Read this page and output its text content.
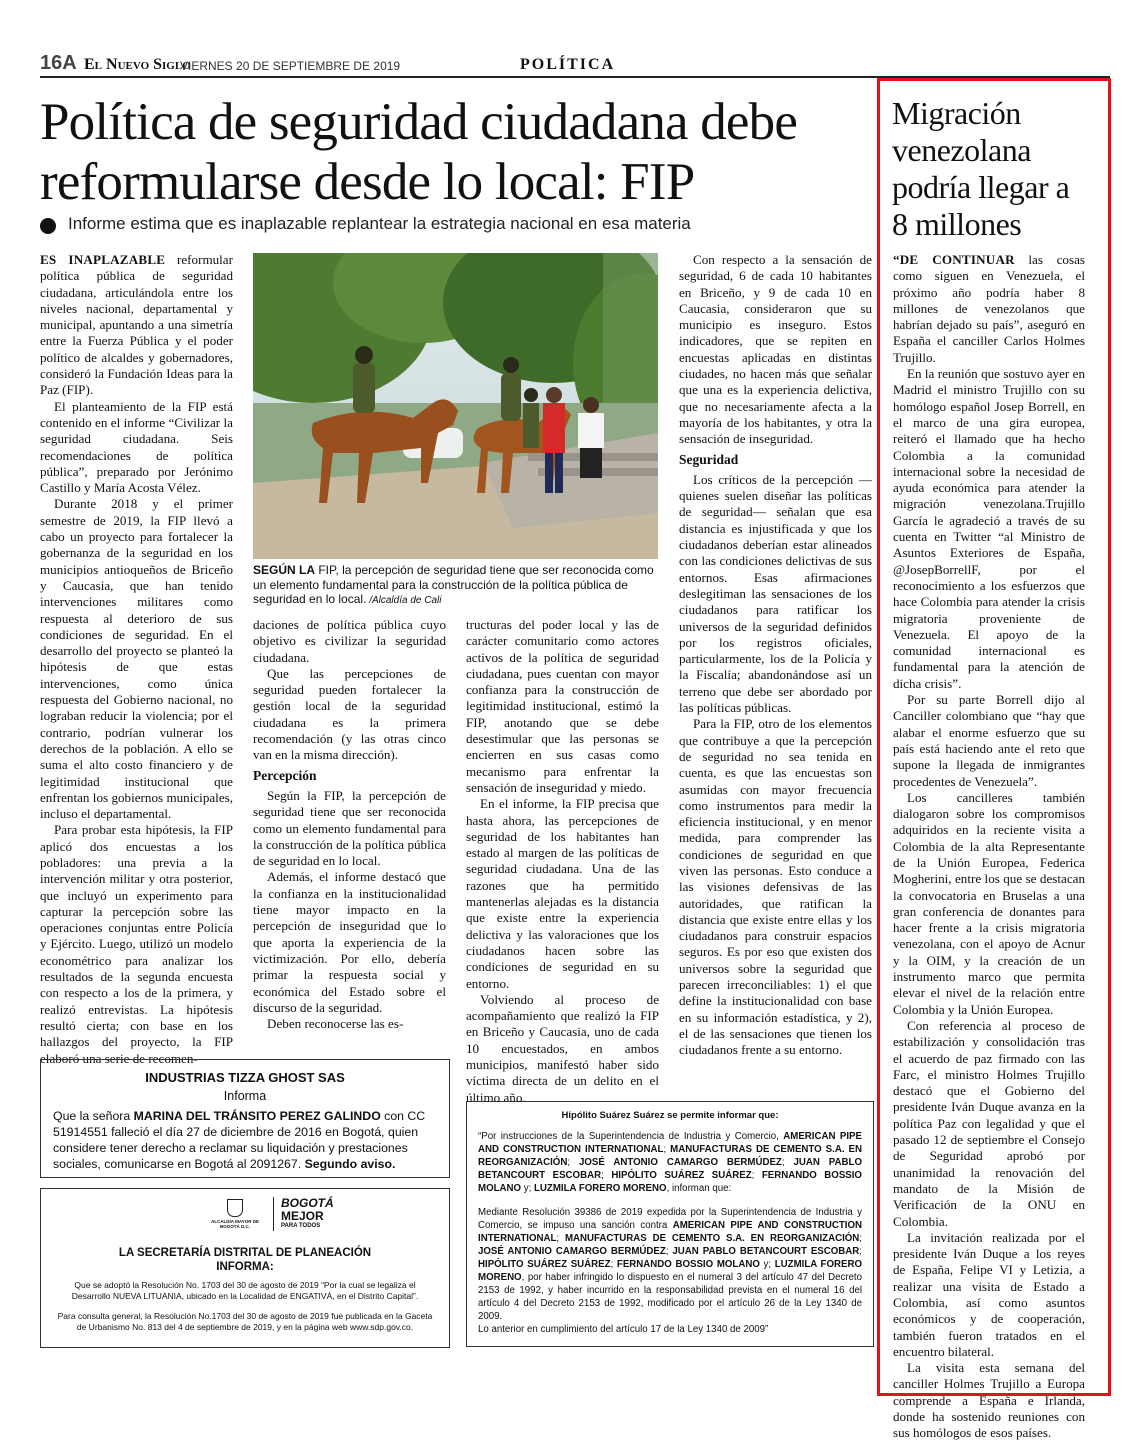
16A El Nuevo Siglo
VIERNES 20 DE SEPTIEMBRE DE 2019	POLÍTICA
Política de seguridad ciudadana debe reformularse desde lo local: FIP
Informe estima que es inaplazable replantear la estrategia nacional en esa materia

ES INAPLAZABLE reformular política pública de seguridad ciudadana, articulándola entre los niveles nacional, departamental y municipal, apuntando a una simetría entre la Fuerza Pública y el poder político de alcaldes y gobernadores, consideró la Fundación Ideas para la Paz (FIP).

El planteamiento de la FIP está contenido en el informe “Civilizar la seguridad ciudadana. Seis recomendaciones de política pública”, preparado por Jerónimo Castillo y María Acosta Vélez.

Durante 2018 y el primer semestre de 2019, la FIP llevó a cabo un proyecto para fortalecer la gobernanza de la seguridad en los municipios antioqueños de Briceño y Caucasia, que han tenido intervenciones militares como respuesta al deterioro de sus condiciones de seguridad. En el desarrollo del proyecto se planteó la hipótesis de que estas intervenciones, como única respuesta del Gobierno nacional, no lograban reducir la violencia; por el contrario, podrían vulnerar los derechos de la población. A ello se suma el alto costo financiero y de legitimidad institucional que enfrentan los gobiernos municipales, incluso el departamental.

Para probar esta hipótesis, la FIP aplicó dos encuestas a los pobladores: una previa a la intervención militar y otra posterior, que incluyó un experimento para capturar la percepción sobre las operaciones conjuntas entre Policía y Ejército. Luego, utilizó un modelo econométrico para analizar los resultados de la segunda encuesta con respecto a los de la primera, y realizó entrevistas. La hipótesis resultó cierta; con base en los hallazgos del proyecto, la FIP elaboró una serie de recomen-

SEGÚN LA FIP, la percepción de seguridad tiene que ser reconocida como un elemento fundamental para la construcción de la política pública de seguridad en lo local. /Alcaldía de Cali

daciones de política pública cuyo objetivo es civilizar la seguridad ciudadana.

Que las percepciones de seguridad pueden fortalecer la gestión local de la seguridad ciudadana es la primera recomendación (y las otras cinco van en la misma dirección).

Percepción

Según la FIP, la percepción de seguridad tiene que ser reconocida como un elemento fundamental para la construcción de la política pública de seguridad en lo local.

Además, el informe destacó que la confianza en la institucionalidad tiene mayor impacto en la percepción de inseguridad que lo que aporta la experiencia de la victimización. Por ello, debería primar la respuesta social y económica del Estado sobre el discurso de la seguridad.

Deben reconocerse las es-

tructuras del poder local y las de carácter comunitario como actores activos de la política de seguridad ciudadana, pues cuentan con mayor confianza para la construcción de legitimidad institucional, estimó la FIP, anotando que se debe desestimular que las personas se encierren en sus casas como mecanismo para enfrentar la sensación de inseguridad y miedo.

En el informe, la FIP precisa que hasta ahora, las percepciones de seguridad de los habitantes han estado al margen de las políticas de seguridad ciudadana. Una de las razones que ha permitido mantenerlas alejadas es la distancia que existe entre la experiencia delictiva y las valoraciones que los ciudadanos hacen sobre las condiciones de seguridad en su entorno.

Volviendo al proceso de acompañamiento que realizó la FIP en Briceño y Caucasia, uno de cada 10 encuestados, en ambos municipios, manifestó haber sido víctima directa de un delito en el último año.

Con respecto a la sensación de seguridad, 6 de cada 10 habitantes en Briceño, y 9 de cada 10 en Caucasia, consideraron que su municipio es inseguro. Estos indicadores, que se repiten en encuestas aplicadas en distintas ciudades, no hacen más que señalar que una es la experiencia delictiva, que no necesariamente afecta a la mayoría de los habitantes, y otra la sensación de inseguridad.

Seguridad

Los críticos de la percepción —quienes suelen diseñar las políticas de seguridad— señalan que esa distancia es injustificada y que los ciudadanos deberían estar alineados con las condiciones delictivas de sus entornos. Esas afirmaciones deslegitiman las sensaciones de los ciudadanos para ratificar los universos de la seguridad definidos por los registros oficiales, particularmente, los de la Policía y la Fiscalía; abandonándose así un terreno que debe ser abordado por las políticas públicas.

Para la FIP, otro de los elementos que contribuye a que la percepción de seguridad no sea tenida en cuenta, es que las encuestas son asumidas con mayor frecuencia como instrumentos para medir la eficiencia institucional, y en menor medida, para comprender las condiciones de seguridad en que viven las personas. Esto conduce a las visiones defensivas de las autoridades, que ratifican la distancia que existe entre ellas y los ciudadanos para construir espacios seguros. Es por eso que existen dos universos sobre la seguridad que parecen irreconciliables: 1) el que define la institucionalidad con base en su información estadística, y 2), el de las sensaciones que tienen los ciudadanos frente a su entorno.

Migración venezolana podría llegar a 8 millones

“DE CONTINUAR las cosas como siguen en Venezuela, el próximo año podría haber 8 millones de venezolanos que habrían dejado su país”, aseguró en España el canciller Carlos Holmes Trujillo.

En la reunión que sostuvo ayer en Madrid el ministro Trujillo con su homólogo español Josep Borrell, en el marco de una gira europea, reiteró el llamado que ha hecho Colombia a la comunidad internacional sobre la necesidad de ayuda económica para atender la migración venezolana.Trujillo García le agradeció a través de su cuenta en Twitter “al Ministro de Asuntos Exteriores de España, @JosepBorrellF, por el reconocimiento a los esfuerzos que hace Colombia para atender la crisis migratoria proveniente de Venezuela. El apoyo de la comunidad internacional es fundamental para la atención de dicha crisis”.

Por su parte Borrell dijo al Canciller colombiano que “hay que alabar el enorme esfuerzo que su país está haciendo ante el reto que supone la llegada de inmigrantes procedentes de Venezuela”.

Los cancilleres también dialogaron sobre los compromisos adquiridos en la reciente visita a Colombia de la alta Representante de la Unión Europea, Federica Mogherini, entre los que se destacan la convocatoria en Bruselas a una gran conferencia de donantes para hacer frente a la crisis migratoria venezolana, con el apoyo de Acnur y la OIM, y la creación de un instrumento marco que permita elevar el nivel de la relación entre Colombia y la Unión Europea.

Con referencia al proceso de estabilización y consolidación tras el acuerdo de paz firmado con las Farc, el ministro Holmes Trujillo destacó que el Gobierno del presidente Iván Duque avanza en la política Paz con legalidad y que el pasado 12 de septiembre el Consejo de Seguridad aprobó por unanimidad la renovación del mandato de la Misión de Verificación de la ONU en Colombia.

La invitación realizada por el presidente Iván Duque a los reyes de España, Felipe VI y Letizia, a realizar una visita de Estado a Colombia, así como asuntos económicos y de cooperación, también fueron tratados en el encuentro bilateral.

La visita esta semana del canciller Holmes Trujillo a Europa comprende a España e Irlanda, donde ha sostenido reuniones con sus homólogos de esos países.

INDUSTRIAS TIZZA GHOST SAS
Informa
Que la señora MARINA DEL TRÁNSITO PEREZ GALINDO con CC 51914551 falleció el día 27 de diciembre de 2016 en Bogotá, quien considere tener derecho a reclamar su liquidación y prestaciones sociales, comunicarse en Bogotá al 2091267. Segundo aviso.
ALCALDÍA MAYOR DE BOGOTÁ D.C.
BOGOTÁ
MEJOR
PARA TODOS
LA SECRETARÍA DISTRITAL DE PLANEACIÓN
INFORMA:
Que se adoptó la Resolución No. 1703 del 30 de agosto de 2019 “Por la cual se legaliza el Desarrollo NUEVA LITUANIA, ubicado en la Localidad de ENGATIVÁ, en el Distrito Capital”.
Para consulta general, la Resolución No.1703 del 30 de agosto de 2019 fue publicada en la Gaceta de Urbanismo No. 813 del 4 de septiembre de 2019, y en la página web www.sdp.gov.co.
Hipólito Suárez Suárez se permite informar que:
“Por instrucciones de la Superintendencia de Industria y Comercio, AMERICAN PIPE AND CONSTRUCTION INTERNATIONAL; MANUFACTURAS DE CEMENTO S.A. EN REORGANIZACIÓN; JOSÉ ANTONIO CAMARGO BERMÚDEZ; JUAN PABLO BETANCOURT ESCOBAR; HIPÓLITO SUÁREZ SUÁREZ; FERNANDO BOSSIO MOLANO y; LUZMILA FORERO MORENO, informan que:
Mediante Resolución 39386 de 2019 expedida por la Superintendencia de Industria y Comercio, se impuso una sanción contra AMERICAN PIPE AND CONSTRUCTION INTERNATIONAL; MANUFACTURAS DE CEMENTO S.A. EN REORGANIZACIÓN; JOSÉ ANTONIO CAMARGO BERMÚDEZ; JUAN PABLO BETANCOURT ESCOBAR; HIPÓLITO SUÁREZ SUÁREZ; FERNANDO BOSSIO MOLANO y; LUZMILA FORERO MORENO, por haber infringido lo dispuesto en el numeral 3 del artículo 47 del Decreto 2153 de 1992, y haber incurrido en la responsabilidad prevista en el numeral 16 del artículo 4 del Decreto 2153 de 1992, modificado por el artículo 26 de la Ley 1340 de 2009.
Lo anterior en cumplimiento del artículo 17 de la Ley 1340 de 2009”
